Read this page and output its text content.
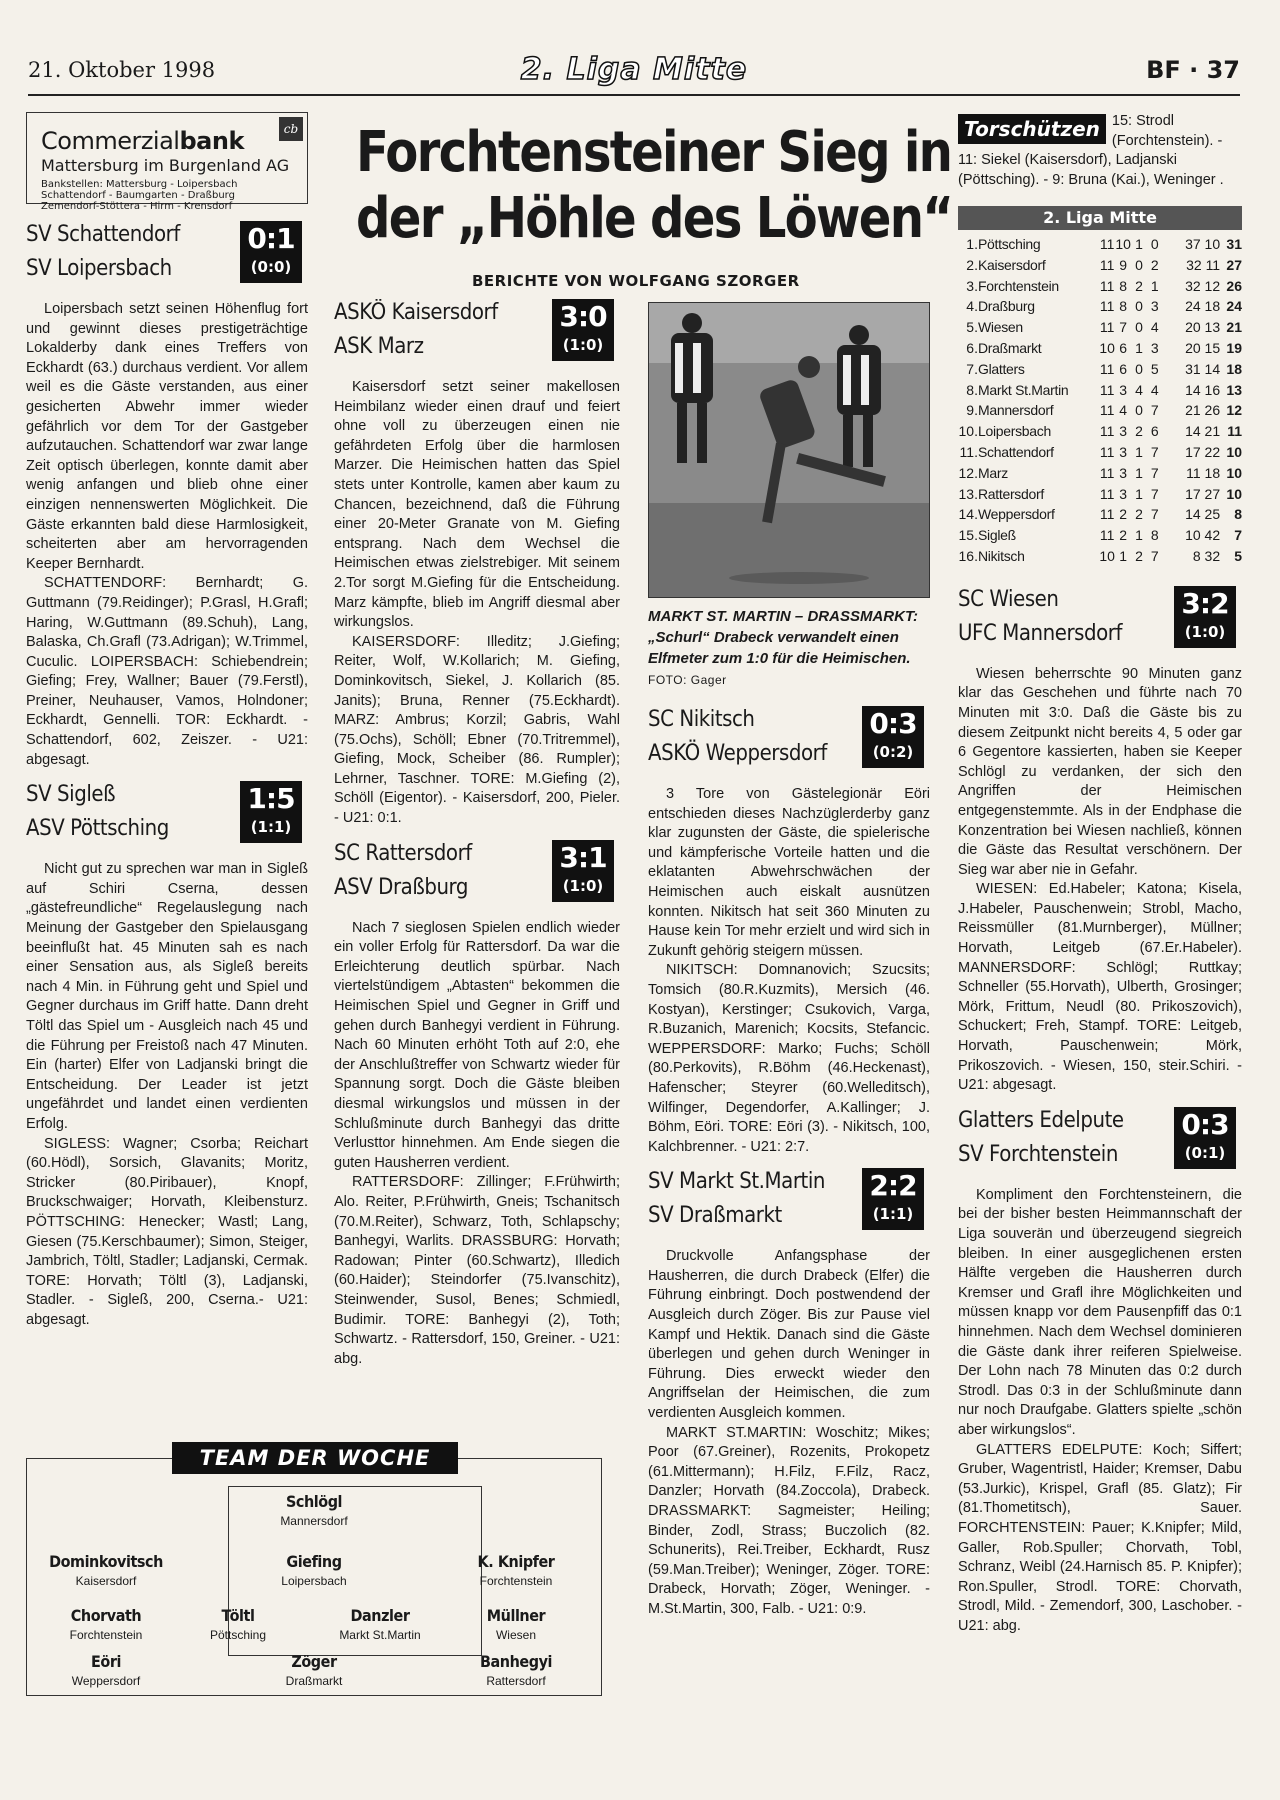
21. Oktober 1998	2. Liga Mitte	BF · 37
Forchtensteiner Sieg in
der „Höhle des Löwen“
BERICHTE VON WOLFGANG SZORGER
cb
Commerzialbank
Mattersburg im Burgenland AG
Bankstellen: Mattersburg - Loipersbach
Schattendorf - Baumgarten - Draßburg
Zemendorf-Stöttera - Hirm - Krensdorf
SV Schattendorf
SV Loipersbach
0:1
(0:0)

Loipersbach setzt seinen Höhenflug fort und gewinnt dieses prestigeträchtige Lokalderby dank eines Treffers von Eckhardt (63.) durchaus verdient. Vor allem weil es die Gäste verstanden, aus einer gesicherten Abwehr immer wieder gefährlich vor dem Tor der Gastgeber aufzutauchen. Schattendorf war zwar lange Zeit optisch überlegen, konnte damit aber wenig anfangen und blieb ohne einer einzigen nennenswerten Möglichkeit. Die Gäste erkannten bald diese Harmlosigkeit, scheiterten aber am hervorragenden Keeper Bernhardt.

SCHATTENDORF: Bernhardt; G. Guttmann (79.Reidinger); P.Grasl, H.Grafl; Haring, W.Guttmann (89.Schuh), Lang, Balaska, Ch.Grafl (73.Adrigan); W.Trimmel, Cuculic. LOIPERSBACH: Schiebendrein; Giefing; Frey, Wallner; Bauer (79.Ferstl), Preiner, Neuhauser, Vamos, Holndoner; Eckhardt, Gennelli. TOR: Eckhardt. - Schattendorf, 602, Zeiszer. - U21: abgesagt.

SV Sigleß
ASV Pöttsching
1:5
(1:1)

Nicht gut zu sprechen war man in Sigleß auf Schiri Cserna, dessen „gästefreundliche“ Regelauslegung nach Meinung der Gastgeber den Spielausgang beeinflußt hat. 45 Minuten sah es nach einer Sensation aus, als Sigleß bereits nach 4 Min. in Führung geht und Spiel und Gegner durchaus im Griff hatte. Dann dreht Töltl das Spiel um - Ausgleich nach 45 und die Führung per Freistoß nach 47 Minuten. Ein (harter) Elfer von Ladjanski bringt die Entscheidung. Der Leader ist jetzt ungefährdet und landet einen verdienten Erfolg.

SIGLESS: Wagner; Csorba; Reichart (60.Hödl), Sorsich, Glavanits; Moritz, Stricker (80.Piribauer), Knopf, Bruckschwaiger; Horvath, Kleibensturz. PÖTTSCHING: Henecker; Wastl; Lang, Giesen (75.Kerschbaumer); Simon, Steiger, Jambrich, Töltl, Stadler; Ladjanski, Cermak. TORE: Horvath; Töltl (3), Ladjanski, Stadler. - Sigleß, 200, Cserna.- U21: abgesagt.

ASKÖ Kaisersdorf
ASK Marz
3:0
(1:0)

Kaisersdorf setzt seiner makellosen Heimbilanz wieder einen drauf und feiert ohne voll zu überzeugen einen nie gefährdeten Erfolg über die harmlosen Marzer. Die Heimischen hatten das Spiel stets unter Kontrolle, kamen aber kaum zu Chancen, bezeichnend, daß die Führung einer 20-Meter Granate von M. Giefing entsprang. Nach dem Wechsel die Heimischen etwas zielstrebiger. Mit seinem 2.Tor sorgt M.Giefing für die Entscheidung. Marz kämpfte, blieb im Angriff diesmal aber wirkungslos.

KAISERSDORF: Illeditz; J.Giefing; Reiter, Wolf, W.Kollarich; M. Giefing, Dominkovitsch, Siekel, J. Kollarich (85. Janits); Bruna, Renner (75.Eckhardt). MARZ: Ambrus; Korzil; Gabris, Wahl (75.Ochs), Schöll; Ebner (70.Tritremmel), Giefing, Mock, Scheiber (86. Rumpler); Lehrner, Taschner. TORE: M.Giefing (2), Schöll (Eigentor). - Kaisersdorf, 200, Pieler. - U21: 0:1.

SC Rattersdorf
ASV Draßburg
3:1
(1:0)

Nach 7 sieglosen Spielen endlich wieder ein voller Erfolg für Rattersdorf. Da war die Erleichterung deutlich spürbar. Nach viertelstündigem „Abtasten“ bekommen die Heimischen Spiel und Gegner in Griff und gehen durch Banhegyi verdient in Führung. Nach 60 Minuten erhöht Toth auf 2:0, ehe der Anschlußtreffer von Schwartz wieder für Spannung sorgt. Doch die Gäste bleiben diesmal wirkungslos und müssen in der Schlußminute durch Banhegyi das dritte Verlusttor hinnehmen. Am Ende siegen die guten Hausherren verdient.

RATTERSDORF: Zillinger; F.Frühwirth; Alo. Reiter, P.Frühwirth, Gneis; Tschanitsch (70.M.Reiter), Schwarz, Toth, Schlapschy; Banhegyi, Warlits. DRASSBURG: Horvath; Radowan; Pinter (60.Schwartz), Illedich (60.Haider); Steindorfer (75.Ivanschitz), Steinwender, Susol, Benes; Schmiedl, Budimir. TORE: Banhegyi (2), Toth; Schwartz. - Rattersdorf, 150, Greiner. - U21: abg.

MARKT ST. MARTIN – DRASSMARKT: „Schurl“ Drabeck verwandelt einen Elfmeter zum 1:0 für die Heimischen. FOTO: Gager
SC Nikitsch
ASKÖ Weppersdorf
0:3
(0:2)

3 Tore von Gästelegionär Eöri entschieden dieses Nachzüglerderby ganz klar zugunsten der Gäste, die spielerische und kämpferische Vorteile hatten und die eklatanten Abwehrschwächen der Heimischen auch eiskalt ausnützen konnten. Nikitsch hat seit 360 Minuten zu Hause kein Tor mehr erzielt und wird sich in Zukunft gehörig steigern müssen.

NIKITSCH: Domnanovich; Szucsits; Tomsich (80.R.Kuzmits), Mersich (46. Kostyan), Kerstinger; Csukovich, Varga, R.Buzanich, Marenich; Kocsits, Stefancic. WEPPERSDORF: Marko; Fuchs; Schöll (80.Perkovits), R.Böhm (46.Heckenast), Hafenscher; Steyrer (60.Welleditsch), Wilfinger, Degendorfer, A.Kallinger; J. Böhm, Eöri. TORE: Eöri (3). - Nikitsch, 100, Kalchbrenner. - U21: 2:7.

SV Markt St.Martin
SV Draßmarkt
2:2
(1:1)

Druckvolle Anfangsphase der Hausherren, die durch Drabeck (Elfer) die Führung einbringt. Doch postwendend der Ausgleich durch Zöger. Bis zur Pause viel Kampf und Hektik. Danach sind die Gäste überlegen und gehen durch Weninger in Führung. Dies erweckt wieder den Angriffselan der Heimischen, die zum verdienten Ausgleich kommen.

MARKT ST.MARTIN: Woschitz; Mikes; Poor (67.Greiner), Rozenits, Prokopetz (61.Mittermann); H.Filz, F.Filz, Racz, Danzler; Horvath (84.Zoccola), Drabeck. DRASSMARKT: Sagmeister; Heiling; Binder, Zodl, Strass; Buczolich (82. Schunerits), Rei.Treiber, Eckhardt, Rusz (59.Man.Treiber); Weninger, Zöger. TORE: Drabeck, Horvath; Zöger, Weninger. - M.St.Martin, 300, Falb. - U21: 0:9.

Torschützen 15: Strodl (Forchtenstein). - 11: Siekel (Kaisersdorf), Ladjanski (Pöttsching). - 9: Bruna (Kai.), Weninger .
2. Liga Mitte
1.	Pöttsching	11	10	1	0	37 10	31
2.	Kaisersdorf	11	9	0	2	32 11	27
3.	Forchtenstein	11	8	2	1	32 12	26
4.	Draßburg	11	8	0	3	24 18	24
5.	Wiesen	11	7	0	4	20 13	21
6.	Draßmarkt	10	6	1	3	20 15	19
7.	Glatters	11	6	0	5	31 14	18
8.	Markt St.Martin	11	3	4	4	14 16	13
9.	Mannersdorf	11	4	0	7	21 26	12
10.	Loipersbach	11	3	2	6	14 21	11
11.	Schattendorf	11	3	1	7	17 22	10
12.	Marz	11	3	1	7	11 18	10
13.	Rattersdorf	11	3	1	7	17 27	10
14.	Weppersdorf	11	2	2	7	14 25	8
15.	Sigleß	11	2	1	8	10 42	7
16.	Nikitsch	10	1	2	7	8 32	5
SC Wiesen
UFC Mannersdorf
3:2
(1:0)

Wiesen beherrschte 90 Minuten ganz klar das Geschehen und führte nach 70 Minuten mit 3:0. Daß die Gäste bis zu diesem Zeitpunkt nicht bereits 4, 5 oder gar 6 Gegentore kassierten, haben sie Keeper Schlögl zu verdanken, der sich den Angriffen der Heimischen entgegenstemmte. Als in der Endphase die Konzentration bei Wiesen nachließ, können die Gäste das Resultat verschönern. Der Sieg war aber nie in Gefahr.

WIESEN: Ed.Habeler; Katona; Kisela, J.Habeler, Pauschenwein; Strobl, Macho, Reissmüller (81.Murnberger), Müllner; Horvath, Leitgeb (67.Er.Habeler). MANNERSDORF: Schlögl; Ruttkay; Schneller (55.Horvath), Ulberth, Grosinger; Mörk, Frittum, Neudl (80. Prikoszovich), Schuckert; Freh, Stampf. TORE: Leitgeb, Horvath, Pauschenwein; Mörk, Prikoszovich. - Wiesen, 150, steir.Schiri. - U21: abgesagt.

Glatters Edelpute
SV Forchtenstein
0:3
(0:1)

Kompliment den Forchtensteinern, die bei der bisher besten Heimmannschaft der Liga souverän und überzeugend siegreich bleiben. In einer ausgeglichenen ersten Hälfte vergeben die Hausherren durch Kremser und Grafl ihre Möglichkeiten und müssen knapp vor dem Pausenpfiff das 0:1 hinnehmen. Nach dem Wechsel dominieren die Gäste dank ihrer reiferen Spielweise. Der Lohn nach 78 Minuten das 0:2 durch Strodl. Das 0:3 in der Schlußminute dann nur noch Draufgabe. Glatters spielte „schön aber wirkungslos“.

GLATTERS EDELPUTE: Koch; Siffert; Gruber, Wagentristl, Haider; Kremser, Dabu (53.Jurkic), Krispel, Grafl (85. Glatz); Fir (81.Thometitsch), Sauer. FORCHTENSTEIN: Pauer; K.Knipfer; Mild, Galler, Rob.Spuller; Chorvath, Tobl, Schranz, Weibl (24.Harnisch 85. P. Knipfer); Ron.Spuller, Strodl. TORE: Chorvath, Strodl, Mild. - Zemendorf, 300, Laschober. - U21: abg.

TEAM DER WOCHE
Schlögl
Mannersdorf
Dominkovitsch
Kaisersdorf
Giefing
Loipersbach
K. Knipfer
Forchtenstein
Chorvath
Forchtenstein
Töltl
Pöttsching
Danzler
Markt St.Martin
Müllner
Wiesen
Eöri
Weppersdorf
Zöger
Draßmarkt
Banhegyi
Rattersdorf
